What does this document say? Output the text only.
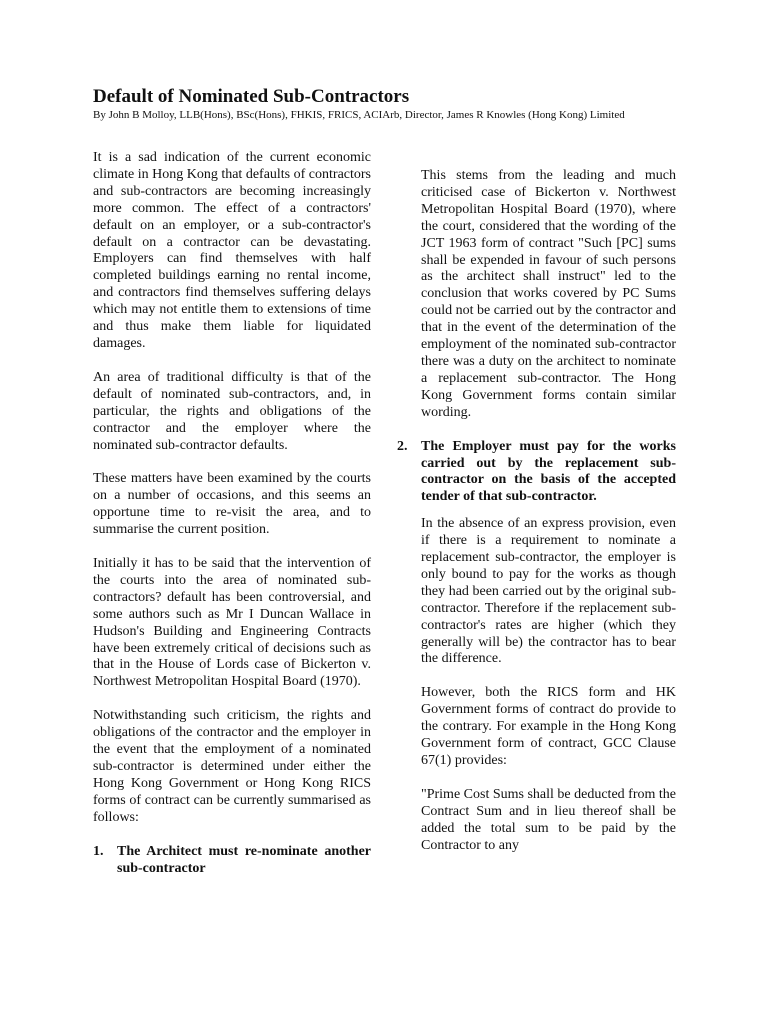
Default of Nominated Sub-Contractors

By John B Molloy, LLB(Hons), BSc(Hons), FHKIS, FRICS, ACIArb, Director, James R Knowles (Hong Kong) Limited

It is a sad indication of the current economic climate in Hong Kong that defaults of contractors and sub-contractors are becoming increasingly more common. The effect of a contractors' default on an employer, or a sub-contractor's default on a contractor can be devastating. Employers can find themselves with half completed buildings earning no rental income, and contractors find themselves suffering delays which may not entitle them to extensions of time and thus make them liable for liquidated damages.

An area of traditional difficulty is that of the default of nominated sub-contractors, and, in particular, the rights and obligations of the contractor and the employer where the nominated sub-contractor defaults.

These matters have been examined by the courts on a number of occasions, and this seems an opportune time to re-visit the area, and to summarise the current position.

Initially it has to be said that the intervention of the courts into the area of nominated sub-contractors? default has been controversial, and some authors such as Mr I Duncan Wallace in Hudson's Building and Engineering Contracts have been extremely critical of decisions such as that in the House of Lords case of Bickerton v. Northwest Metropolitan Hospital Board (1970).

Notwithstanding such criticism, the rights and obligations of the contractor and the employer in the event that the employment of a nominated sub-contractor is determined under either the Hong Kong Government or Hong Kong RICS forms of contract can be currently summarised as follows:

1. The Architect must re-nominate another sub-contractor

This stems from the leading and much criticised case of Bickerton v. Northwest Metropolitan Hospital Board (1970), where the court, considered that the wording of the JCT 1963 form of contract "Such [PC] sums shall be expended in favour of such persons as the architect shall instruct" led to the conclusion that works covered by PC Sums could not be carried out by the contractor and that in the event of the determination of the employment of the nominated sub-contractor there was a duty on the architect to nominate a replacement sub-contractor. The Hong Kong Government forms contain similar wording.

2. The Employer must pay for the works carried out by the replacement sub-contractor on the basis of the accepted tender of that sub-contractor.

In the absence of an express provision, even if there is a requirement to nominate a replacement sub-contractor, the employer is only bound to pay for the works as though they had been carried out by the original sub-contractor. Therefore if the replacement sub-contractor's rates are higher (which they generally will be) the contractor has to bear the difference.

However, both the RICS form and HK Government forms of contract do provide to the contrary. For example in the Hong Kong Government form of contract, GCC Clause 67(1) provides:

"Prime Cost Sums shall be deducted from the Contract Sum and in lieu thereof shall be added the total sum to be paid by the Contractor to any
